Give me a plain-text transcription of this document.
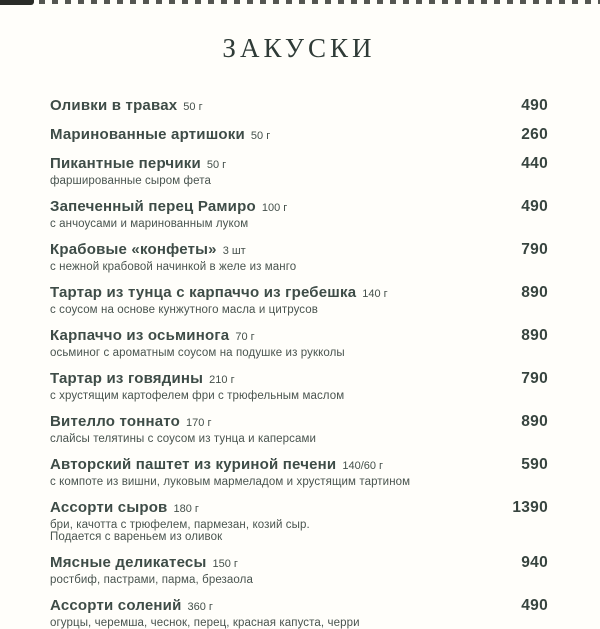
ЗАКУСКИ
Оливки в травах 50 г	490
Маринованные артишоки 50 г	260
Пикантные перчики 50 г	440
фаршированные сыром фета
Запеченный перец Рамиро 100 г	490
с анчоусами и маринованным луком
Крабовые «конфеты» 3 шт	790
с нежной крабовой начинкой в желе из манго
Тартар из тунца с карпаччо из гребешка 140 г	890
с соусом на основе кунжутного масла и цитрусов
Карпаччо из осьминога 70 г	890
осьминог с ароматным соусом на подушке из рукколы
Тартар из говядины 210 г	790
с хрустящим картофелем фри с трюфельным маслом
Вителло тоннато 170 г	890
слайсы телятины с соусом из тунца и каперсами
Авторский паштет из куриной печени 140/60 г	590
с компоте из вишни, луковым мармеладом и хрустящим тартином
Ассорти сыров 180 г	1390
бри, качотта с трюфелем, пармезан, козий сыр.
Подается с вареньем из оливок
Мясные деликатесы 150 г	940
ростбиф, пастрами, парма, брезаола
Ассорти солений 360 г	490
огурцы, черемша, чеснок, перец, красная капуста, черри
